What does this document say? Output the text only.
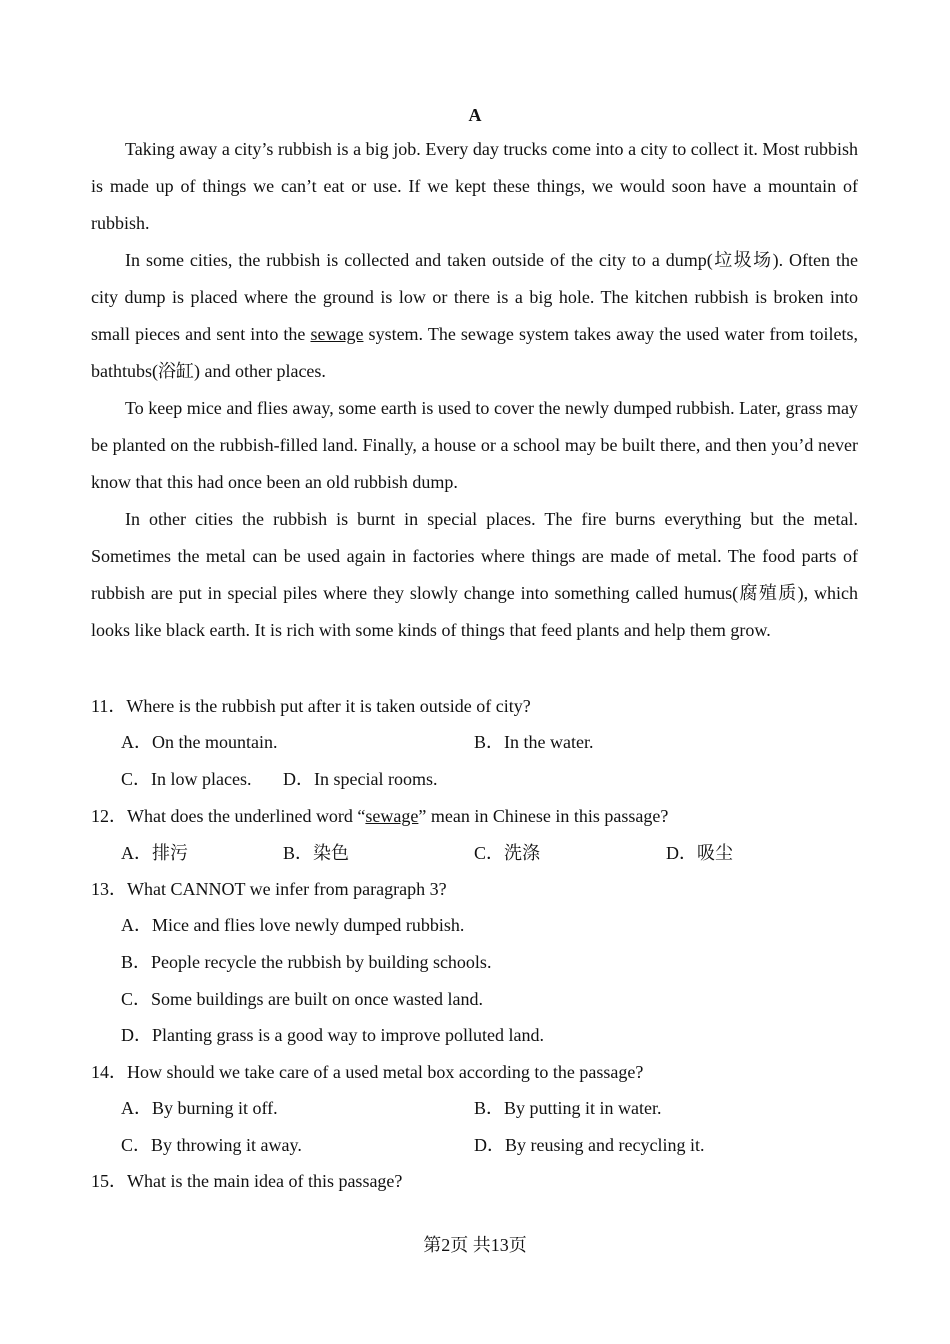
A

Taking away a city’s rubbish is a big job. Every day trucks come into a city to collect it. Most rubbish is made up of things we can’t eat or use. If we kept these things, we would soon have a mountain of rubbish.

In some cities, the rubbish is collected and taken outside of the city to a dump(垃圾场). Often the city dump is placed where the ground is low or there is a big hole. The kitchen rubbish is broken into small pieces and sent into the sewage system. The sewage system takes away the used water from toilets, bathtubs(浴缸) and other places.

To keep mice and flies away, some earth is used to cover the newly dumped rubbish. Later, grass may be planted on the rubbish-filled land. Finally, a house or a school may be built there, and then you’d never know that this had once been an old rubbish dump.

In other cities the rubbish is burnt in special places. The fire burns everything but the metal. Sometimes the metal can be used again in factories where things are made of metal. The food parts of rubbish are put in special piles where they slowly change into something called humus(腐殖质), which looks like black earth. It is rich with some kinds of things that feed plants and help them grow.

11．Where is the rubbish put after it is taken outside of city?
A．On the mountain.	B．In the water.
C．In low places. D．In special rooms.
12．What does the underlined word “sewage” mean in Chinese in this passage?
A．排污	B．染色	C．洗涤	D．吸尘
13．What CANNOT we infer from paragraph 3?
A．Mice and flies love newly dumped rubbish.
B．People recycle the rubbish by building schools.
C．Some buildings are built on once wasted land.
D．Planting grass is a good way to improve polluted land.
14．How should we take care of a used metal box according to the passage?
A．By burning it off.	B．By putting it in water.
C．By throwing it away.	D．By reusing and recycling it.
15．What is the main idea of this passage?
第2页 共13页
